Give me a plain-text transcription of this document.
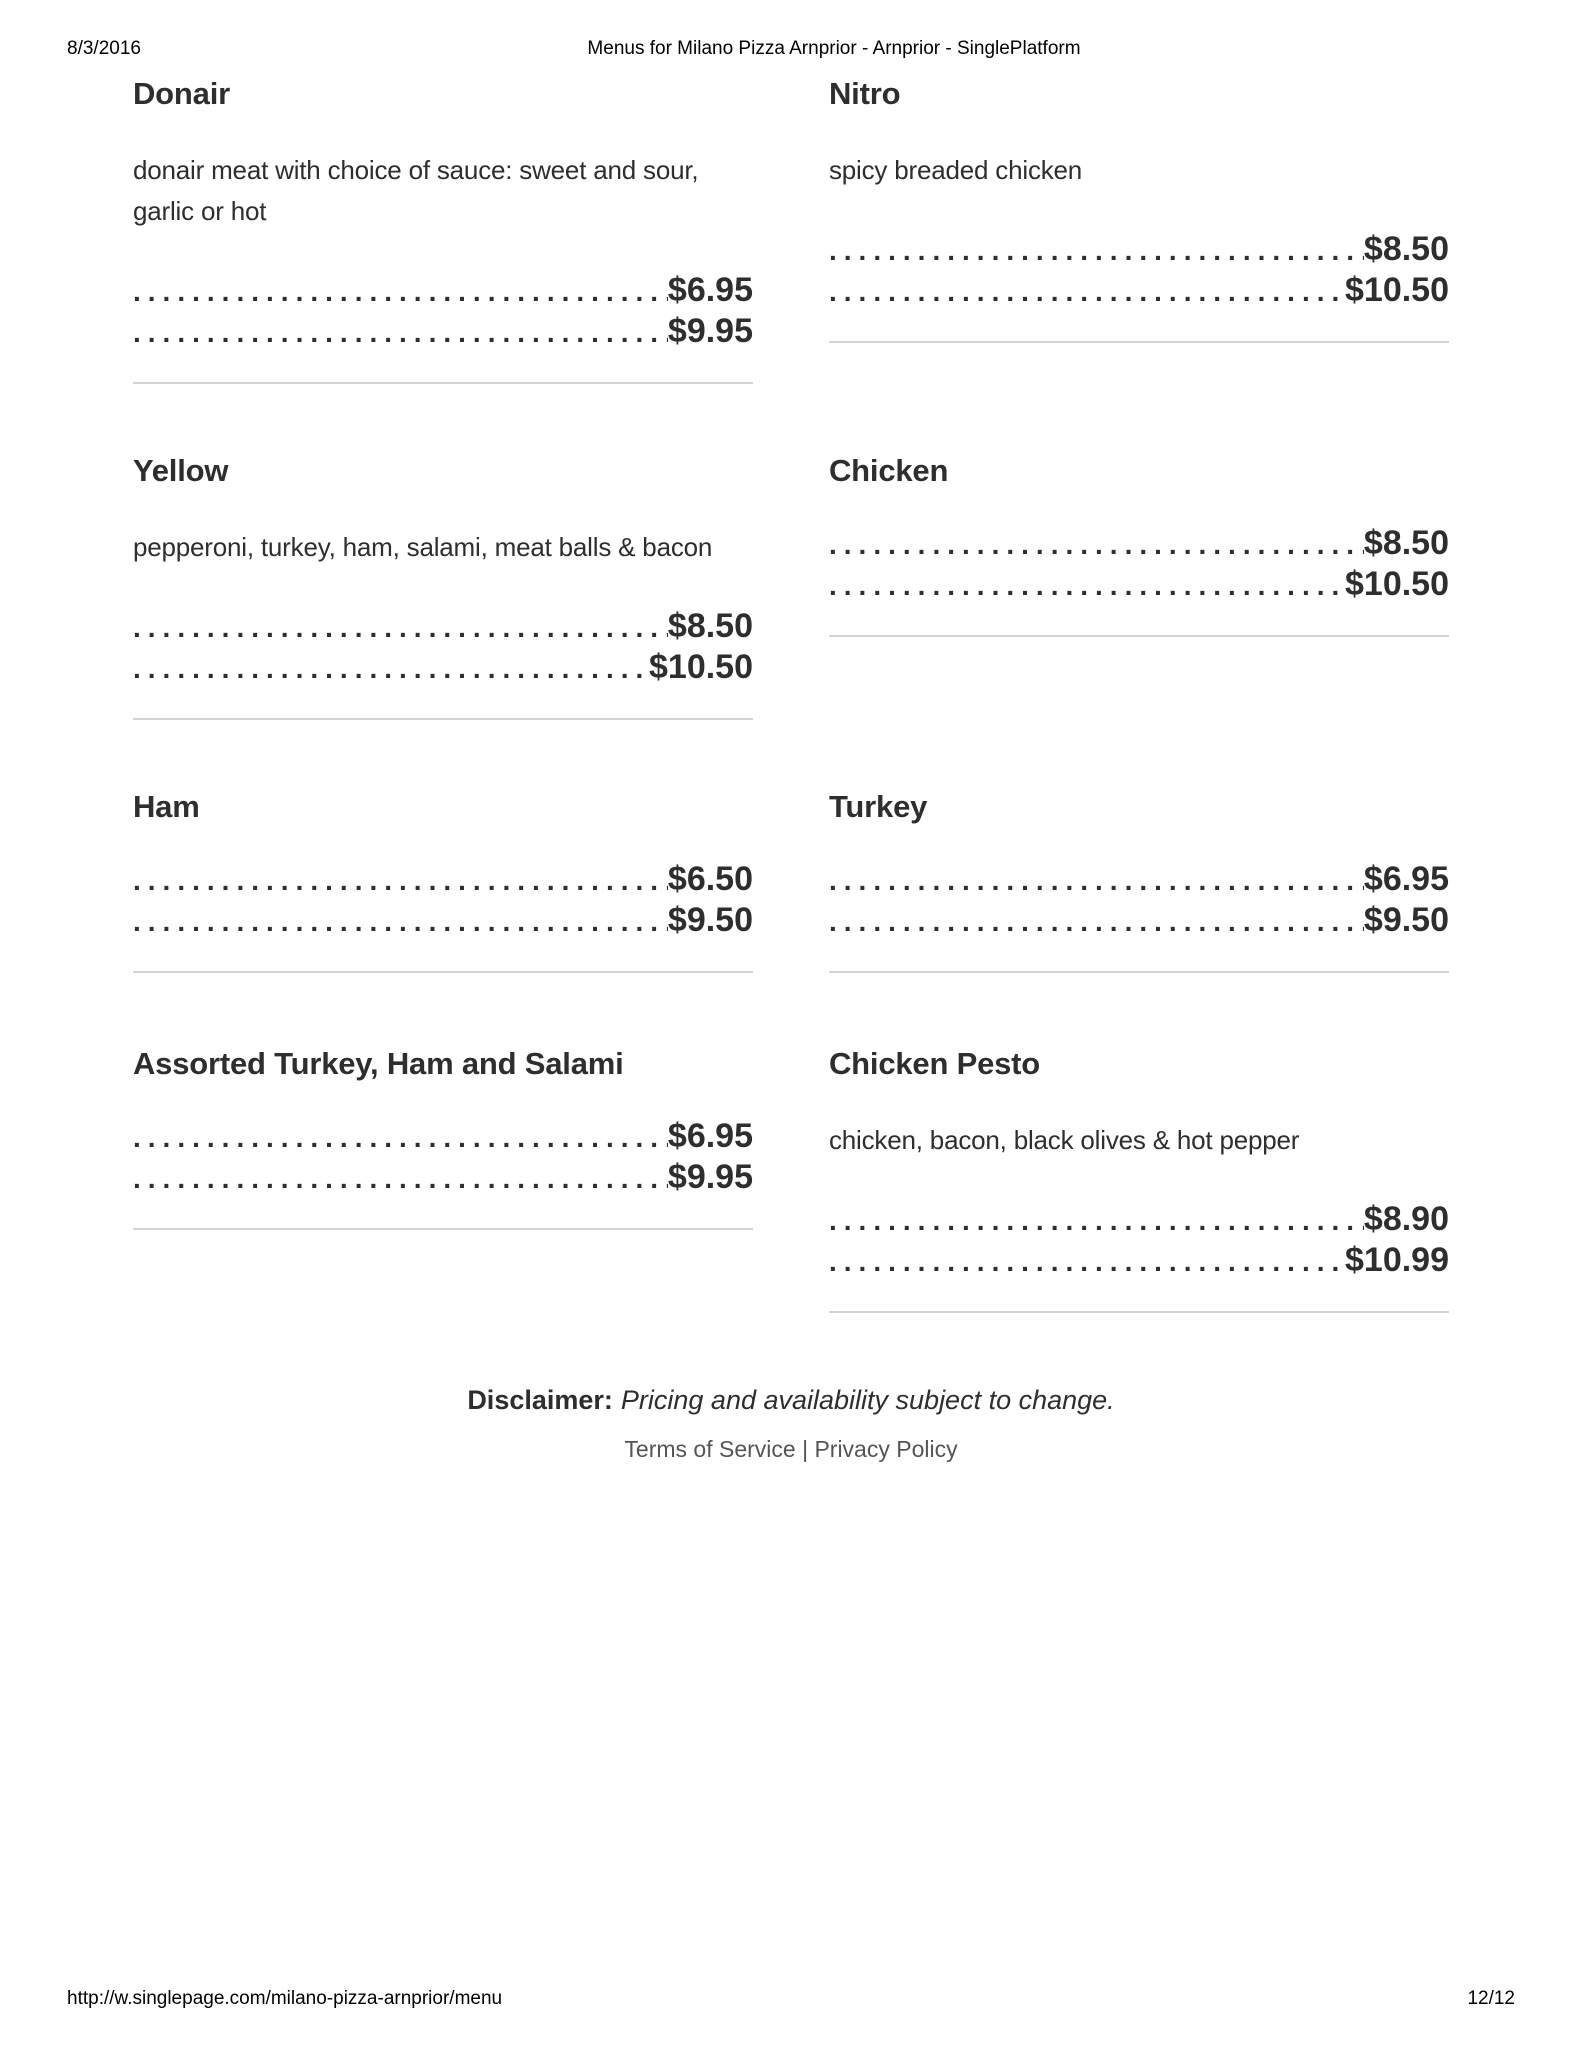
8/3/2016	Menus for Milano Pizza Arnprior - Arnprior - SinglePlatform
Donair

donair meat with choice of sauce: sweet and sour, garlic or hot

.....
$6.95
.....
$9.95
Nitro

spicy breaded chicken

.....
$8.50
.....
$10.50
Yellow

pepperoni, turkey, ham, salami, meat balls & bacon

.....
$8.50
.....
$10.50
Chicken
.....
$8.50
.....
$10.50
Ham
.....
$6.50
.....
$9.50
Turkey
.....
$6.95
.....
$9.50
Assorted Turkey, Ham and Salami
.....
$6.95
.....
$9.95
Chicken Pesto

chicken, bacon, black olives & hot pepper

.....
$8.90
.....
$10.99
Disclaimer: Pricing and availability subject to change.
Terms of Service | Privacy Policy
http://w.singlepage.com/milano-pizza-arnprior/menu	12/12
